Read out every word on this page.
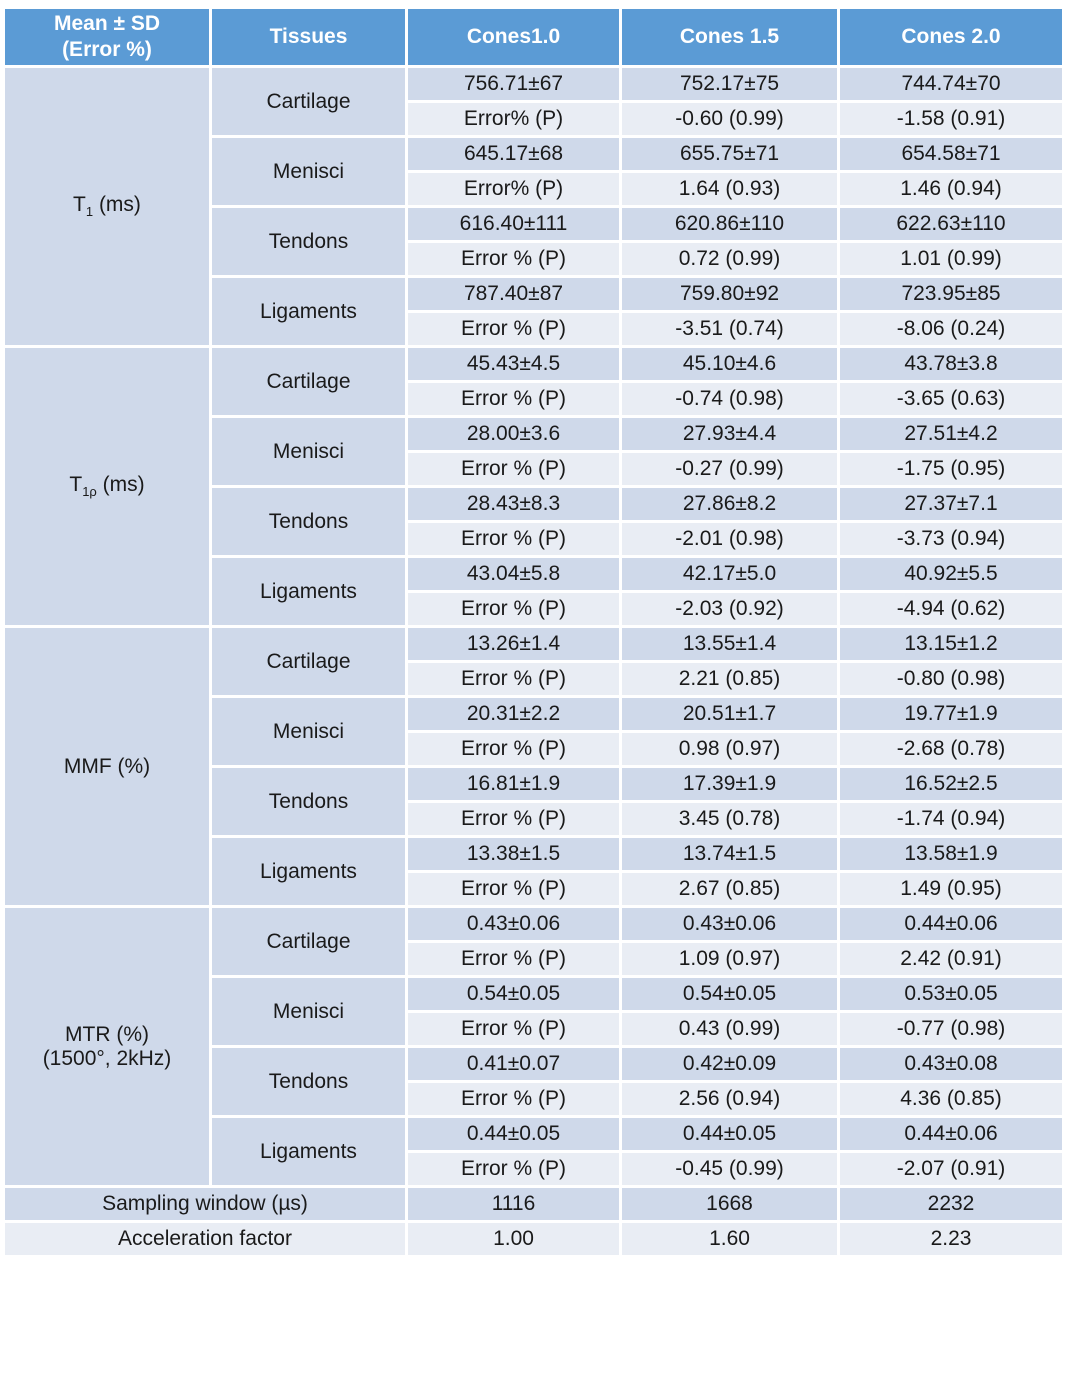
Mean ± SD
(Error %)	Tissues	Cones1.0	Cones 1.5	Cones 2.0

$T_1$ (ms)	Cartilage	756.71±67	752.17±75	744.74±70
		Error% (P)	-0.60 (0.99)	-1.58 (0.91)
	Menisci	645.17±68	655.75±71	654.58±71
		Error% (P)	1.64 (0.93)	1.46 (0.94)
	Tendons	616.40±111	620.86±110	622.63±110
		Error % (P)	0.72 (0.99)	1.01 (0.99)
	Ligaments	787.40±87	759.80±92	723.95±85
		Error % (P)	-3.51 (0.74)	-8.06 (0.24)

$T_{1\rho}$ (ms)	Cartilage	45.43±4.5	45.10±4.6	43.78±3.8
		Error % (P)	-0.74 (0.98)	-3.65 (0.63)
	Menisci	28.00±3.6	27.93±4.4	27.51±4.2
		Error % (P)	-0.27 (0.99)	-1.75 (0.95)
	Tendons	28.43±8.3	27.86±8.2	27.37±7.1
		Error % (P)	-2.01 (0.98)	-3.73 (0.94)
	Ligaments	43.04±5.8	42.17±5.0	40.92±5.5
		Error % (P)	-2.03 (0.92)	-4.94 (0.62)

MMF (%)	Cartilage	13.26±1.4	13.55±1.4	13.15±1.2
		Error % (P)	2.21 (0.85)	-0.80 (0.98)
	Menisci	20.31±2.2	20.51±1.7	19.77±1.9
		Error % (P)	0.98 (0.97)	-2.68 (0.78)
	Tendons	16.81±1.9	17.39±1.9	16.52±2.5
		Error % (P)	3.45 (0.78)	-1.74 (0.94)
	Ligaments	13.38±1.5	13.74±1.5	13.58±1.9
		Error % (P)	2.67 (0.85)	1.49 (0.95)

MTR (%)
(1500°, 2kHz)	Cartilage	0.43±0.06	0.43±0.06	0.44±0.06
		Error % (P)	1.09 (0.97)	2.42 (0.91)
	Menisci	0.54±0.05	0.54±0.05	0.53±0.05
		Error % (P)	0.43 (0.99)	-0.77 (0.98)
	Tendons	0.41±0.07	0.42±0.09	0.43±0.08
		Error % (P)	2.56 (0.94)	4.36 (0.85)
	Ligaments	0.44±0.05	0.44±0.05	0.44±0.06
		Error % (P)	-0.45 (0.99)	-2.07 (0.91)
Sampling window (µs)		1116	1668	2232
Acceleration factor		1.00	1.60	2.23
